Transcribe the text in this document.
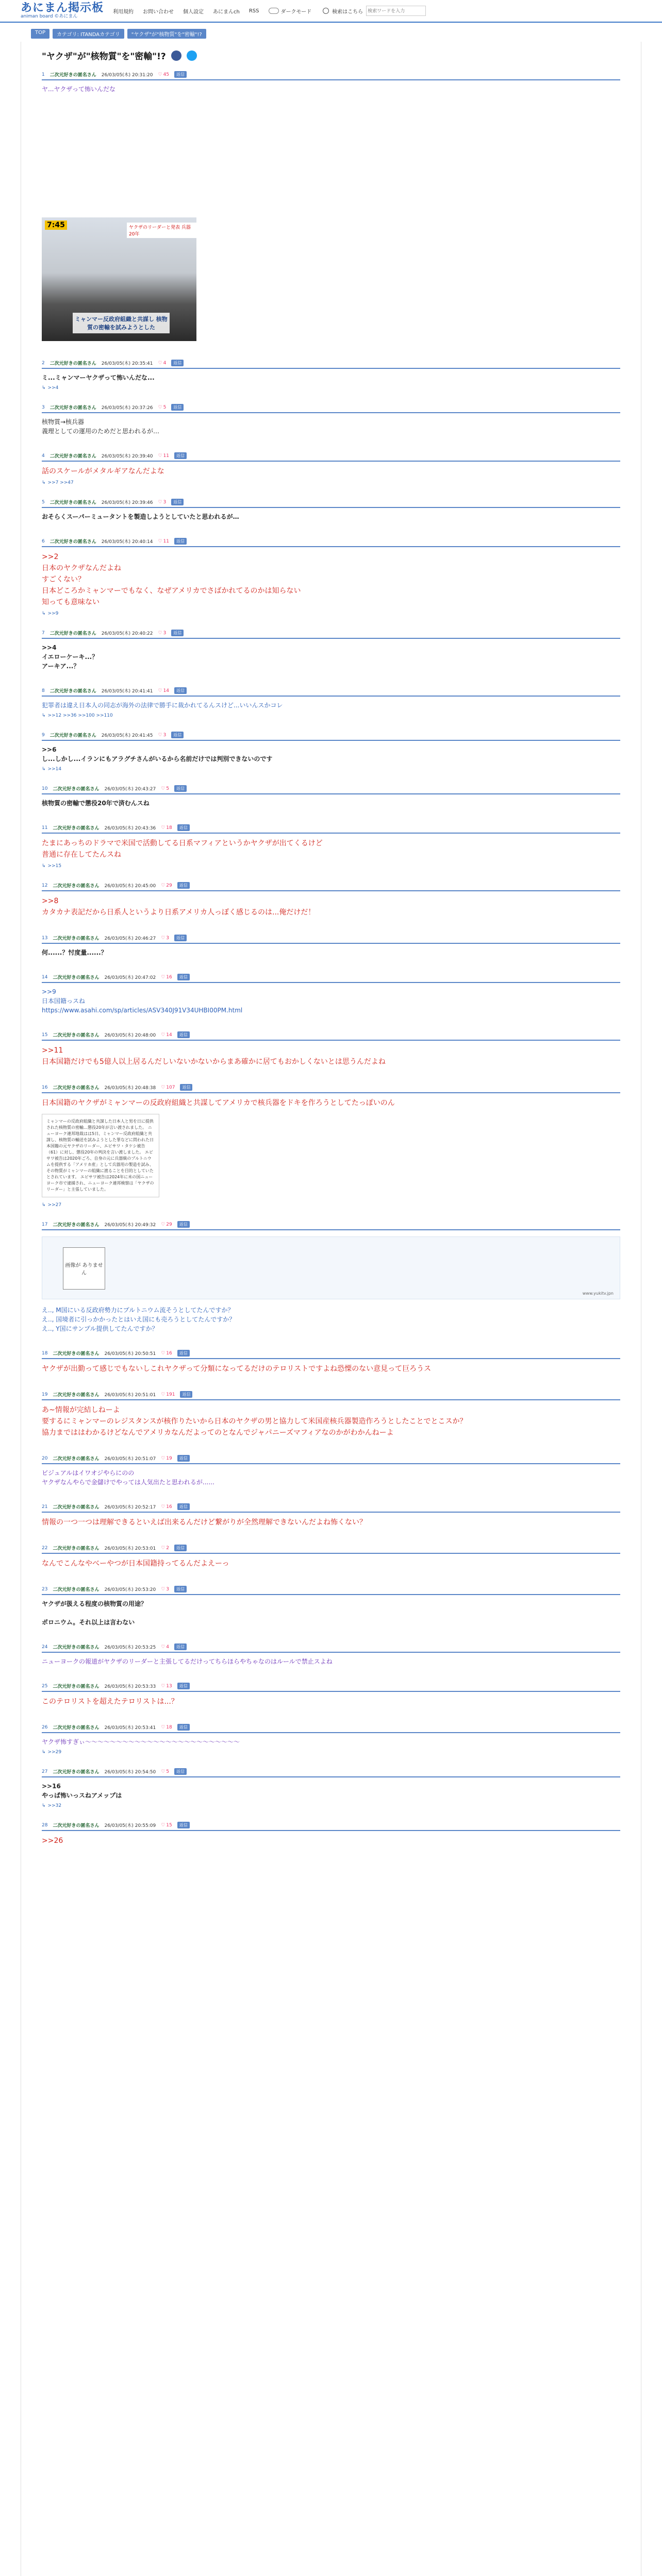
あにまん掲示板
animan board ©あにまん
利用規約 お問い合わせ 個人設定 あにまんch RSS	ダークモード	検索はこちら
検索ワードを入力
TOP	カテゴリ: ITANDAカテゴリ	"ヤクザ"が"核物質"を"密輸"!?
"ヤクザ"が"核物質"を"密輸"!?
1 二次元好きの匿名さん 26/03/05(木) 20:31:20 ♡ 45	返信
ヤ...ヤクザって怖いんだな
7:45	ヤクザのリーダーと発表 兵器20年
ミャンマー反政府組織と共謀し 核物質の密輸を試みようとした
2 二次元好きの匿名さん 26/03/05(木) 20:35:41 ♡ 4	返信
ミ...ミャンマーヤクザって怖いんだな...
↳ >>4
3 二次元好きの匿名さん 26/03/05(木) 20:37:26 ♡ 5	返信
核物質→核兵器
義理としての運用のためだと思われるが…
4 二次元好きの匿名さん 26/03/05(木) 20:39:40 ♡ 11	返信
話のスケールがメタルギアなんだよな
↳ >>7 >>47
5 二次元好きの匿名さん 26/03/05(木) 20:39:46 ♡ 3	返信
おそらくスーパーミュータントを製造しようとしていたと思われるが…
6 二次元好きの匿名さん 26/03/05(木) 20:40:14 ♡ 11	返信
>>2
日本のヤクザなんだよね
すごくない？
日本どころかミャンマーでもなく、なぜアメリカでさばかれてるのかは知らない
知っても意味ない
↳ >>9
7 二次元好きの匿名さん 26/03/05(木) 20:40:22 ♡ 3	返信
>>4
イエローケーキ...？
アーキア...？
8 二次元好きの匿名さん 26/03/05(木) 20:41:41 ♡ 14	返信
犯罪者は違え日本人の同志が海外の法律で勝手に裁かれてるんスけど...いいんスかコレ
↳ >>12 >>36 >>100 >>110
9 二次元好きの匿名さん 26/03/05(木) 20:41:45 ♡ 3	返信
>>6
し...しかし...イランにもアラグチさんがいるから名前だけでは判別できないのです
↳ >>14
10 二次元好きの匿名さん 26/03/05(木) 20:43:27 ♡ 5	返信
核物質の密輸で懲役20年で済むんスね
11 二次元好きの匿名さん 26/03/05(木) 20:43:36 ♡ 18	返信
たまにあっちのドラマで米国で活動してる日系マフィアというかヤクザが出てくるけど
普通に存在してたんスね
↳ >>15
12 二次元好きの匿名さん 26/03/05(木) 20:45:00 ♡ 29	返信
>>8
カタカナ表記だから日系人というより日系アメリカ人っぽく感じるのは...俺だけだ！
13 二次元好きの匿名さん 26/03/05(木) 20:46:27 ♡ 3	返信
何......？忖度量......？
14 二次元好きの匿名さん 26/03/05(木) 20:47:02 ♡ 16	返信
>>9
日本国籍っスね
https://www.asahi.com/sp/articles/ASV340J91V34UHBI00PM.html
15 二次元好きの匿名さん 26/03/05(木) 20:48:00 ♡ 14	返信
>>11
日本国籍だけでも5億人以上居るんだしいないかないからまあ確かに居てもおかしくないとは思うんだよね
16 二次元好きの匿名さん 26/03/05(木) 20:48:38 ♡ 107	返信
日本国籍のヤクザがミャンマーの反政府組織と共謀してアメリカで核兵器をドキを作ろうとしてたっぽいのん
ミャンマーの反政府組織と共謀した日本人と男を日に提供された核物質の密輸…懲役20年が言い渡されました。 ニューヨーク連邦地裁はは5日、ミャンマー反政府組織と共謀し、核物質の輸送を試みようとした罪などに問われた日本国籍の元ヤクザのリーダー、エビサワ・タケシ被告（61）に対し、懲役20年の判決を言い渡しました。 エビサワ被告は2020年ごろ、自身の元に兵器級のプルトニウムを提供する「アメリカ産」として兵器用の製造を試み、その物質がミャンマーの組織に渡ることを目的としていたとされています。 エビサワ被告は2024年に米の国ニューヨーク市で逮捕され、ニューヨーク連邦検察は「ヤクザのリーダー」と主張していました。
↳ >>27
17 二次元好きの匿名さん 26/03/05(木) 20:49:32 ♡ 29	返信
画像が ありません
www.yukitv.jpn
え.., M国にいる反政府勢力にプルトニウム流そうとしてたんですか？
え.., 国境者に引っかかったとはいえ国にも売ろうとしてたんですか？
え.., Y国にサンプル提供してたんですか？
18 二次元好きの匿名さん 26/03/05(木) 20:50:51 ♡ 16	返信
ヤクザが出勤って感じでもないしこれヤクザって分類になってるだけのテロリストですよね恐慄のない意見って巨ろうス
19 二次元好きの匿名さん 26/03/05(木) 20:51:01 ♡ 191	返信
あ~情報が完結しねーよ
要するにミャンマーのレジスタンスが核作りたいから日本のヤクザの男と協力して米国産核兵器製造作ろうとしたことでとこスか？
協力までははわかるけどなんでアメリカなんだよってのとなんでジャパニーズマフィアなのかがわかんねーよ
20 二次元好きの匿名さん 26/03/05(木) 20:51:07 ♡ 19	返信
ビジュアルはイワオジやらにのの
ヤクザなんやらで金儲けでやっては人気出たと思われるが......
21 二次元好きの匿名さん 26/03/05(木) 20:52:17 ♡ 16	返信
情報の一つ一つは理解できるといえば出来るんだけど繋がりが全然理解できないんだよね怖くない？
22 二次元好きの匿名さん 26/03/05(木) 20:53:01 ♡ 2	返信
なんでこんなやべーやつが日本国籍持ってるんだよえーっ
23 二次元好きの匿名さん 26/03/05(木) 20:53:20 ♡ 3	返信
ヤクザが扱える程度の核物質の用途？

ポロニウム。それ以上は言わない
24 二次元好きの匿名さん 26/03/05(木) 20:53:25 ♡ 4	返信
ニューヨークの報道がヤクザのリーダーと主張してるだけってちらほらやちゃなのはルールで禁止スよね
25 二次元好きの匿名さん 26/03/05(木) 20:53:33 ♡ 13	返信
このテロリストを超えたテロリストは...？
26 二次元好きの匿名さん 26/03/05(木) 20:53:41 ♡ 18	返信
ヤクザ怖すぎぃ〜〜〜〜〜〜〜〜〜〜〜〜〜〜〜〜〜〜〜〜〜〜〜〜〜
↳ >>29
27 二次元好きの匿名さん 26/03/05(木) 20:54:50 ♡ 5	返信
>>16
やっぱ怖いっスねアメップは
↳ >>32
28 二次元好きの匿名さん 26/03/05(木) 20:55:09 ♡ 15	返信
>>26
